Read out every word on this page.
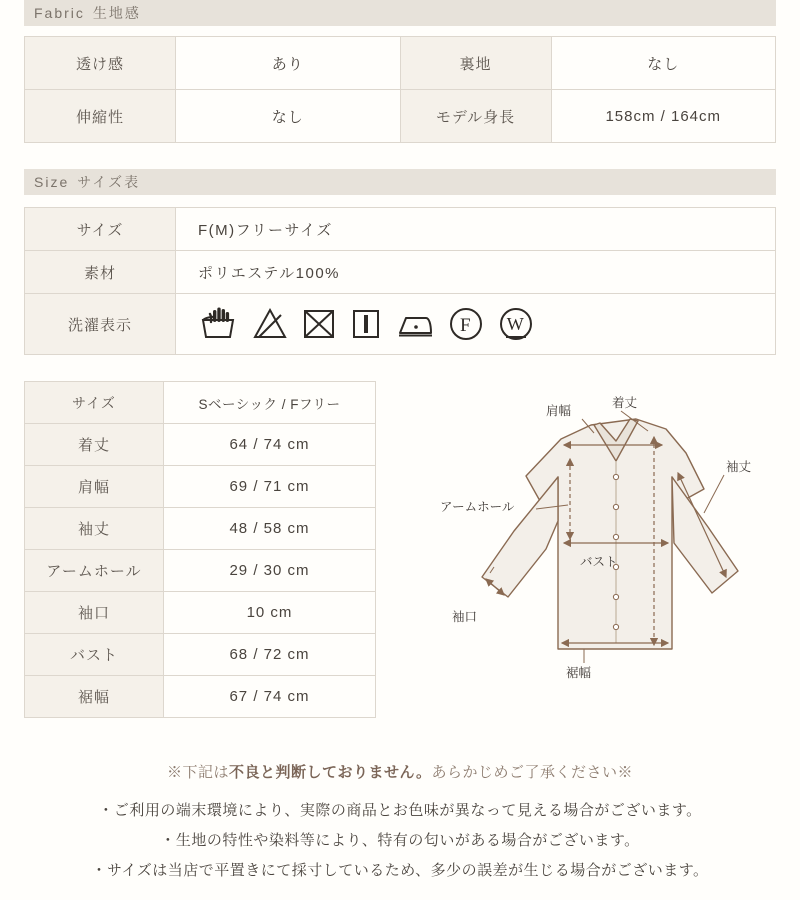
Fabric 生地感
透け感	あり	裏地	なし
伸縮性	なし	モデル身長	158cm / 164cm
Size サイズ表
サイズ	F(M)フリーサイズ
素材	ポリエステル100%
洗濯表示	F W
サイズ	Sベーシック / Fフリー
着丈	64 / 74 cm
肩幅	69 / 71 cm
袖丈	48 / 58 cm
アームホール	29 / 30 cm
袖口	10 cm
バスト	68 / 72 cm
裾幅	67 / 74 cm
着丈
肩幅
アームホール
袖丈
バスト
袖口
裾幅
※下記は不良と判断しておりません。あらかじめご了承ください※
・ご利用の端末環境により、実際の商品とお色味が異なって見える場合がございます。
・生地の特性や染料等により、特有の匂いがある場合がございます。
・サイズは当店で平置きにて採寸しているため、多少の誤差が生じる場合がございます。
